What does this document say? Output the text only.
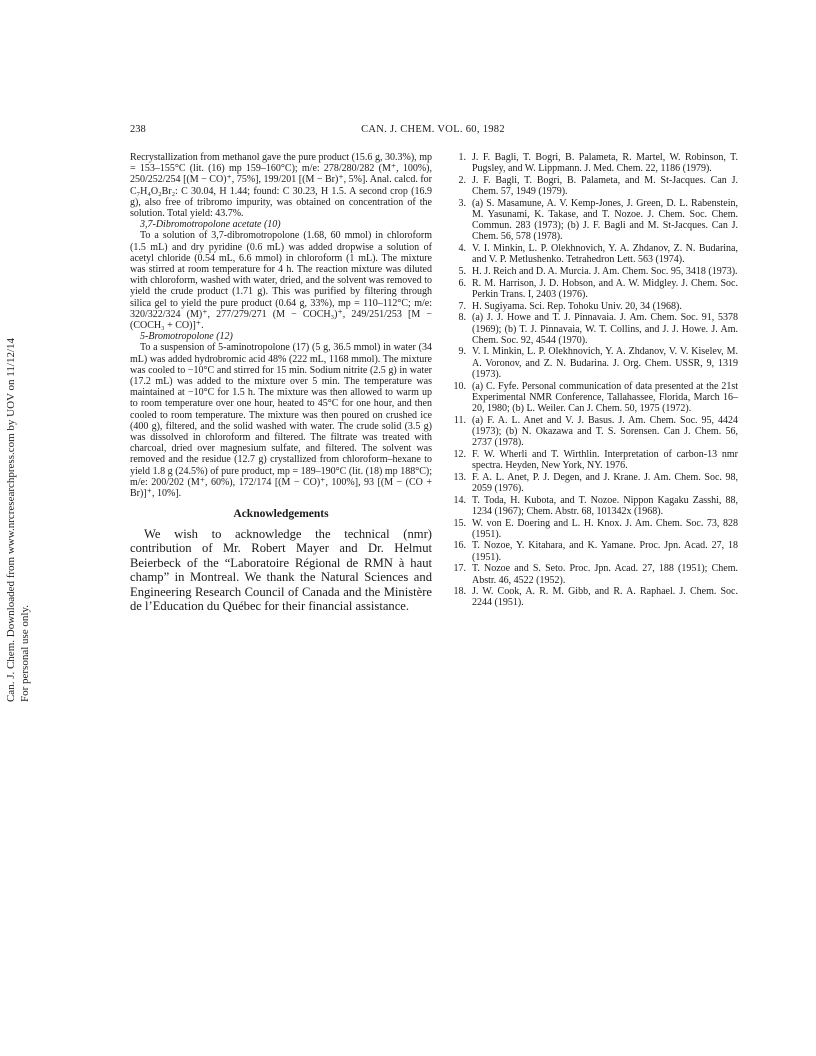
Can. J. Chem. Downloaded from www.nrcresearchpress.com by UOV on 11/12/14 For personal use only.
238	CAN. J. CHEM. VOL. 60, 1982

Recrystallization from methanol gave the pure product (15.6 g, 30.3%), mp = 153–155°C (lit. (16) mp 159–160°C); m/e: 278/280/282 (M⁺, 100%), 250/252/254 [(M − CO)⁺, 75%], 199/201 [(M − Br)⁺, 5%]. Anal. calcd. for C₇H₄O₂Br₂: C 30.04, H 1.44; found: C 30.23, H 1.5. A second crop (16.9 g), also free of tribromo impurity, was obtained on concentration of the solution. Total yield: 43.7%.

3,7-Dibromotropolone acetate (10)

To a solution of 3,7-dibromotropolone (1.68, 60 mmol) in chloroform (1.5 mL) and dry pyridine (0.6 mL) was added dropwise a solution of acetyl chloride (0.54 mL, 6.6 mmol) in chloroform (1 mL). The mixture was stirred at room temperature for 4 h. The reaction mixture was diluted with chloroform, washed with water, dried, and the solvent was removed to yield the crude product (1.71 g). This was purified by filtering through silica gel to yield the pure product (0.64 g, 33%), mp = 110–112°C; m/e: 320/322/324 (M)⁺, 277/279/271 (M − COCH₃)⁺, 249/251/253 [M − (COCH₃ + CO)]⁺.

5-Bromotropolone (12)

To a suspension of 5-aminotropolone (17) (5 g, 36.5 mmol) in water (34 mL) was added hydrobromic acid 48% (222 mL, 1168 mmol). The mixture was cooled to −10°C and stirred for 15 min. Sodium nitrite (2.5 g) in water (17.2 mL) was added to the mixture over 5 min. The temperature was maintained at −10°C for 1.5 h. The mixture was then allowed to warm up to room temperature over one hour, heated to 45°C for one hour, and then cooled to room temperature. The mixture was then poured on crushed ice (400 g), filtered, and the solid washed with water. The crude solid (3.5 g) was dissolved in chloroform and filtered. The filtrate was treated with charcoal, dried over magnesium sulfate, and filtered. The solvent was removed and the residue (12.7 g) crystallized from chloroform–hexane to yield 1.8 g (24.5%) of pure product, mp = 189–190°C (lit. (18) mp 188°C); m/e: 200/202 (M⁺, 60%), 172/174 [(M − CO)⁺, 100%], 93 [(M − (CO + Br)]⁺, 10%].

Acknowledgements

We wish to acknowledge the technical (nmr) contribution of Mr. Robert Mayer and Dr. Helmut Beierbeck of the “Laboratoire Régional de RMN à haut champ” in Montreal. We thank the Natural Sciences and Engineering Research Council of Canada and the Ministère de l’Education du Québec for their financial assistance.

1. J. F. Bagli, T. Bogri, B. Palameta, R. Martel, W. Robinson, T. Pugsley, and W. Lippmann. J. Med. Chem. 22, 1186 (1979).
2. J. F. Bagli, T. Bogri, B. Palameta, and M. St-Jacques. Can J. Chem. 57, 1949 (1979).
3. (a) S. Masamune, A. V. Kemp-Jones, J. Green, D. L. Rabenstein, M. Yasunami, K. Takase, and T. Nozoe. J. Chem. Soc. Chem. Commun. 283 (1973); (b) J. F. Bagli and M. St-Jacques. Can J. Chem. 56, 578 (1978).
4. V. I. Minkin, L. P. Olekhnovich, Y. A. Zhdanov, Z. N. Budarina, and V. P. Metlushenko. Tetrahedron Lett. 563 (1974).
5. H. J. Reich and D. A. Murcia. J. Am. Chem. Soc. 95, 3418 (1973).
6. R. M. Harrison, J. D. Hobson, and A. W. Midgley. J. Chem. Soc. Perkin Trans. I, 2403 (1976).
7. H. Sugiyama. Sci. Rep. Tohoku Univ. 20, 34 (1968).
8. (a) J. J. Howe and T. J. Pinnavaia. J. Am. Chem. Soc. 91, 5378 (1969); (b) T. J. Pinnavaia, W. T. Collins, and J. J. Howe. J. Am. Chem. Soc. 92, 4544 (1970).
9. V. I. Minkin, L. P. Olekhnovich, Y. A. Zhdanov, V. V. Kiselev, M. A. Voronov, and Z. N. Budarina. J. Org. Chem. USSR, 9, 1319 (1973).
10. (a) C. Fyfe. Personal communication of data presented at the 21st Experimental NMR Conference, Tallahassee, Florida, March 16–20, 1980; (b) L. Weiler. Can J. Chem. 50, 1975 (1972).
11. (a) F. A. L. Anet and V. J. Basus. J. Am. Chem. Soc. 95, 4424 (1973); (b) N. Okazawa and T. S. Sorensen. Can J. Chem. 56, 2737 (1978).
12. F. W. Wherli and T. Wirthlin. Interpretation of carbon-13 nmr spectra. Heyden, New York, NY. 1976.
13. F. A. L. Anet, P. J. Degen, and J. Krane. J. Am. Chem. Soc. 98, 2059 (1976).
14. T. Toda, H. Kubota, and T. Nozoe. Nippon Kagaku Zasshi, 88, 1234 (1967); Chem. Abstr. 68, 101342x (1968).
15. W. von E. Doering and L. H. Knox. J. Am. Chem. Soc. 73, 828 (1951).
16. T. Nozoe, Y. Kitahara, and K. Yamane. Proc. Jpn. Acad. 27, 18 (1951).
17. T. Nozoe and S. Seto. Proc. Jpn. Acad. 27, 188 (1951); Chem. Abstr. 46, 4522 (1952).
18. J. W. Cook, A. R. M. Gibb, and R. A. Raphael. J. Chem. Soc. 2244 (1951).
